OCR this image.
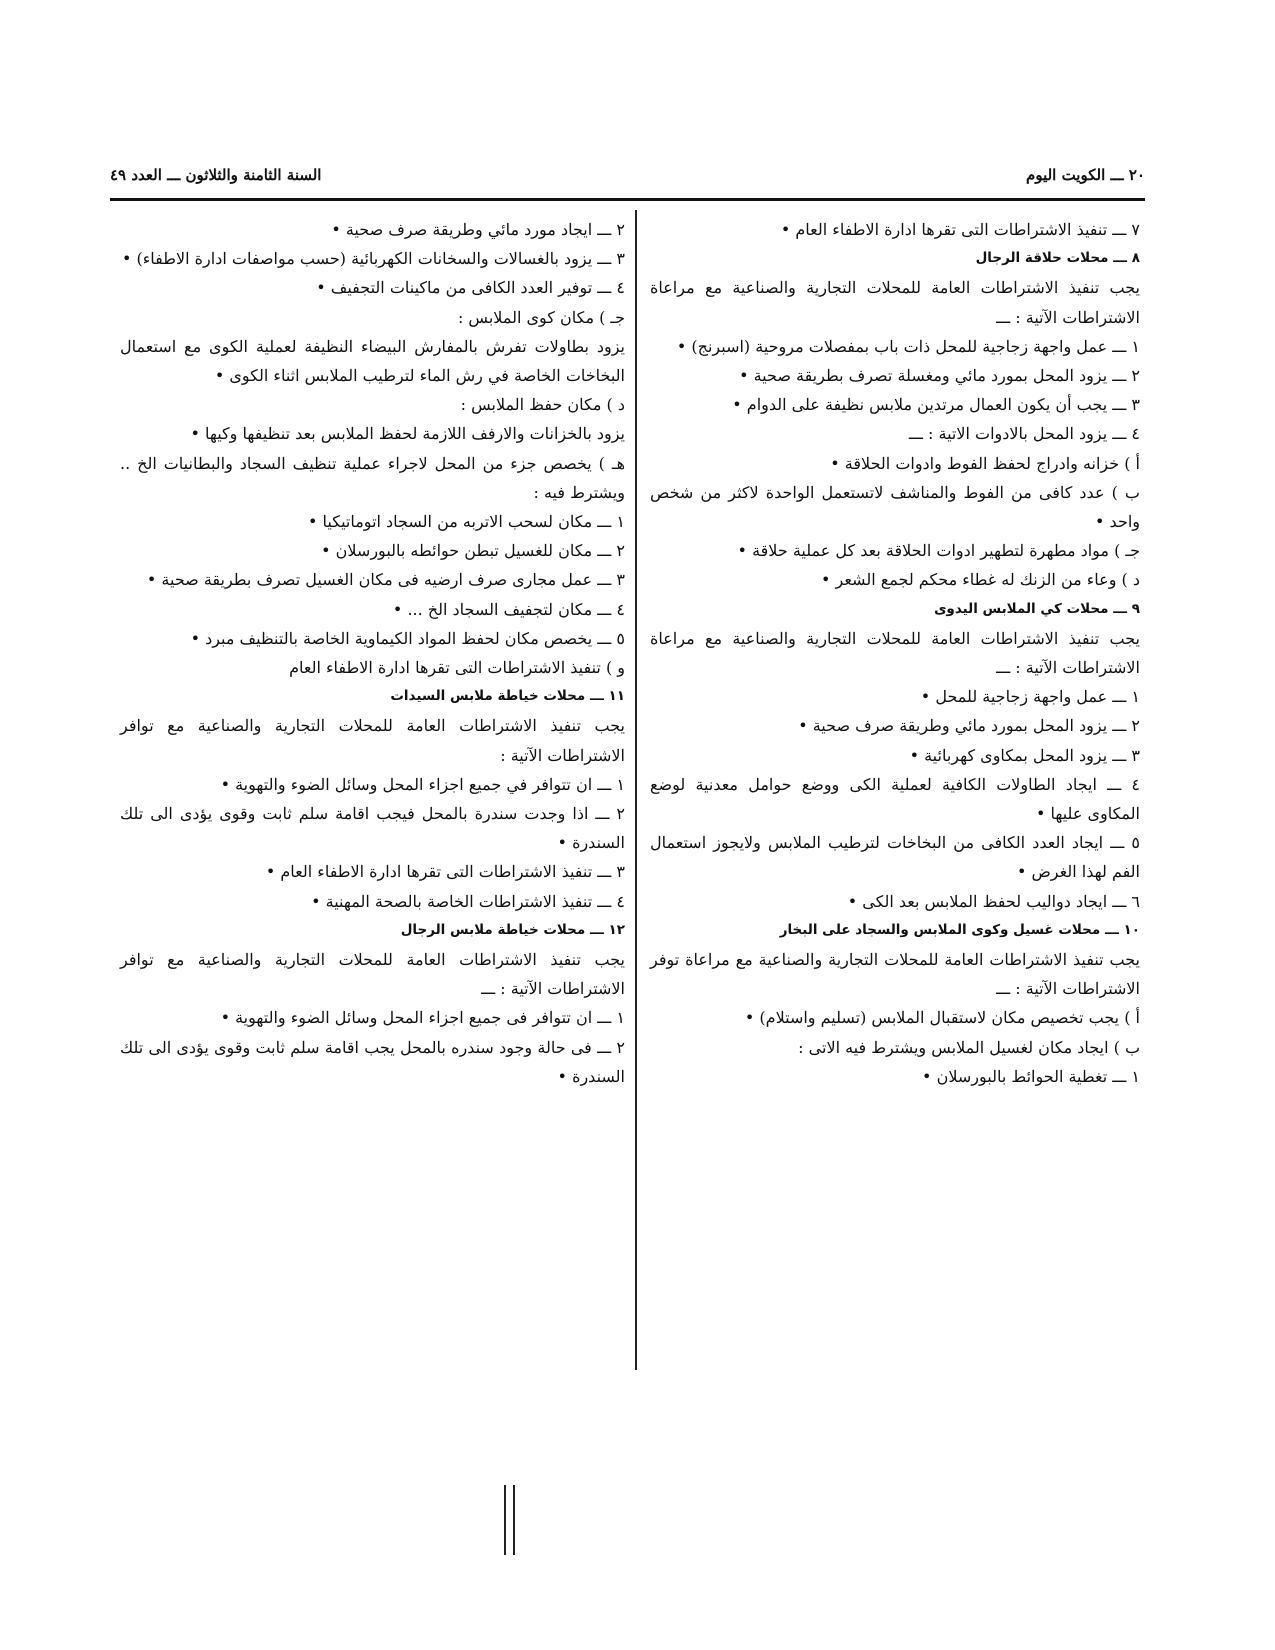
٢٠ ـــ الكويت اليوم
السنة الثامنة والثلاثون ـــ العدد ٤٩

٧ ـــ تنفيذ الاشتراطات التى تقرها ادارة الاطفاء العام •

٨ ـــ محلات حلاقة الرجال

يجب تنفيذ الاشتراطات العامة للمحلات التجارية والصناعية مع مراعاة الاشتراطات الآتية : ـــ

١ ـــ عمل واجهة زجاجية للمحل ذات باب بمفصلات مروحية (اسبرنج) •

٢ ـــ يزود المحل بمورد مائي ومغسلة تصرف بطريقة صحية •

٣ ـــ يجب أن يكون العمال مرتدين ملابس نظيفة على الدوام •

٤ ـــ يزود المحل بالادوات الاتية : ـــ

أ ) خزانه وادراج لحفظ الفوط وادوات الحلاقة •

ب ) عدد كافى من الفوط والمناشف لاتستعمل الواحدة لاكثر من شخص واحد •

جـ ) مواد مطهرة لتطهير ادوات الحلاقة بعد كل عملية حلاقة •

د ) وعاء من الزنك له غطاء محكم لجمع الشعر •

٩ ـــ محلات كي الملابس اليدوى

يجب تنفيذ الاشتراطات العامة للمحلات التجارية والصناعية مع مراعاة الاشتراطات الآتية : ـــ

١ ـــ عمل واجهة زجاجية للمحل •

٢ ـــ يزود المحل بمورد مائي وطريقة صرف صحية •

٣ ـــ يزود المحل بمكاوى كهربائية •

٤ ـــ ايجاد الطاولات الكافية لعملية الكى ووضع حوامل معدنية لوضع المكاوى عليها •

٥ ـــ ايجاد العدد الكافى من البخاخات لترطيب الملابس ولايجوز استعمال الفم لهذا الغرض •

٦ ـــ ايجاد دواليب لحفظ الملابس بعد الكى •

١٠ ـــ محلات غسيل وكوى الملابس والسجاد على البخار

يجب تنفيذ الاشتراطات العامة للمحلات التجارية والصناعية مع مراعاة توفر الاشتراطات الآتية : ـــ

أ ) يجب تخصيص مكان لاستقبال الملابس (تسليم واستلام) •

ب ) ايجاد مكان لغسيل الملابس ويشترط فيه الاتى :

١ ـــ تغطية الحوائط بالبورسلان •

٢ ـــ ايجاد مورد مائي وطريقة صرف صحية •

٣ ـــ يزود بالغسالات والسخانات الكهربائية (حسب مواصفات ادارة الاطفاء) •

٤ ـــ توفير العدد الكافى من ماكينات التجفيف •

جـ ) مكان كوى الملابس :

يزود بطاولات تفرش بالمفارش البيضاء النظيفة لعملية الكوى مع استعمال البخاخات الخاصة في رش الماء لترطيب الملابس اثناء الكوى •

د ) مكان حفظ الملابس :

يزود بالخزانات والارفف اللازمة لحفظ الملابس بعد تنظيفها وكيها •

هـ ) يخصص جزء من المحل لاجراء عملية تنظيف السجاد والبطانيات الخ .. ويشترط فيه :

١ ـــ مكان لسحب الاتربه من السجاد اتوماتيكيا •

٢ ـــ مكان للغسيل تبطن حوائطه بالبورسلان •

٣ ـــ عمل مجارى صرف ارضيه فى مكان الغسيل تصرف بطريقة صحية •

٤ ـــ مكان لتجفيف السجاد الخ ... •

٥ ـــ يخصص مكان لحفظ المواد الكيماوية الخاصة بالتنظيف مبرد •

و ) تنفيذ الاشتراطات التى تقرها ادارة الاطفاء العام

١١ ـــ محلات خياطة ملابس السيدات

يجب تنفيذ الاشتراطات العامة للمحلات التجارية والصناعية مع توافر الاشتراطات الآتية :

١ ـــ ان تتوافر في جميع اجزاء المحل وسائل الضوء والتهوية •

٢ ـــ اذا وجدت سندرة بالمحل فيجب اقامة سلم ثابت وقوى يؤدى الى تلك السندرة •

٣ ـــ تنفيذ الاشتراطات التى تقرها ادارة الاطفاء العام •

٤ ـــ تنفيذ الاشتراطات الخاصة بالصحة المهنية •

١٢ ـــ محلات خياطة ملابس الرجال

يجب تنفيذ الاشتراطات العامة للمحلات التجارية والصناعية مع توافر الاشتراطات الآتية : ـــ

١ ـــ ان تتوافر فى جميع اجزاء المحل وسائل الضوء والتهوية •

٢ ـــ فى حالة وجود سندره بالمحل يجب اقامة سلم ثابت وقوى يؤدى الى تلك السندرة •
